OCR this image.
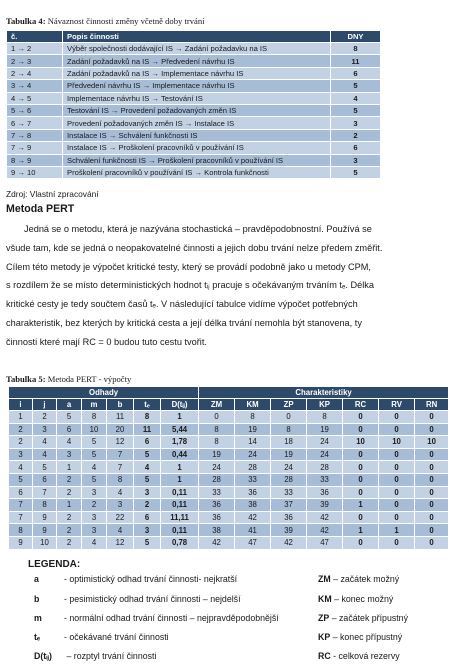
Tabulka 4: Návaznost činnosti změny včetně doby trvání
č.	Popis činnosti	DNY
1 → 2	Výběr společnosti dodávající IS → Zadání požadavku na IS	8
2 → 3	Zadání požadavků na IS → Předvedení návrhu IS	11
2 → 4	Zadání požadavků na IS → Implementace návrhu IS	6
3 → 4	Předvedení návrhu IS → Implementace návrhu IS	5
4 → 5	Implementace návrhu IS → Testování IS	4
5 → 6	Testování IS → Provedení požadovaných změn IS	5
6 → 7	Provedení požadovaných změn IS → Instalace IS	3
7 → 8	Instalace IS → Schválení funkčnosti IS	2
7 → 9	Instalace IS → Proškolení pracovníků v používání IS	6
8 → 9	Schválení funkčnosti IS → Proškolení pracovníků v používání IS	3
9 → 10	Proškolení pracovníků v používání IS → Kontrola funkčnosti	5
Zdroj: Vlastní zpracování
Metoda PERT
Jedná se o metodu, která je nazývána stochastická – pravděpodobnostní. Používá se
všude tam, kde se jedná o neopakovatelné činnosti a jejich dobu trvání nelze předem změřit.
Cílem této metody je výpočet kritické testy, který se provádí podobně jako u metody CPM,
s rozdílem že se místo deterministických hodnot tᵢⱼ pracuje s očekávaným trváním tₑ. Délka
kritické cesty je tedy součtem časů tₑ. V následující tabulce vidíme výpočet potřebných
charakteristik, bez kterých by kritická cesta a její délka trvání nemohla být stanovena, ty
činnosti které mají RC = 0 budou tuto cestu tvořit.
Tabulka 5: Metoda PERT - výpočty
Odhady							Charakteristiky						
i	j	a	m	b	tₑ	D(tᵢⱼ)	ZM	KM	ZP	KP	RC	RV	RN
1	2	5	8	11	8	1	0	8	0	8	0	0	0
2	3	6	10	20	11	5,44	8	19	8	19	0	0	0
2	4	4	5	12	6	1,78	8	14	18	24	10	10	10
3	4	3	5	7	5	0,44	19	24	19	24	0	0	0
4	5	1	4	7	4	1	24	28	24	28	0	0	0
5	6	2	5	8	5	1	28	33	28	33	0	0	0
6	7	2	3	4	3	0,11	33	36	33	36	0	0	0
7	8	1	2	3	2	0,11	36	38	37	39	1	0	0
7	9	2	3	22	6	11,11	36	42	36	42	0	0	0
8	9	2	3	4	3	0,11	38	41	39	42	1	1	0
9	10	2	4	12	5	0,78	42	47	42	47	0	0	0
LEGENDA:
a	- optimistický odhad trvání činnosti- nejkratší
b	- pesimistický odhad trvání činnosti – nejdelší
m	- normální odhad trvání činnosti – nejpravděpodobnější
tₑ	- očekávané trvání činnosti
D(tᵢⱼ) – rozptyl trvání činnosti
ZM – začátek možný
KM – konec možný
ZP – začátek přípustný
KP – konec přípustný
RC - celková rezervy
